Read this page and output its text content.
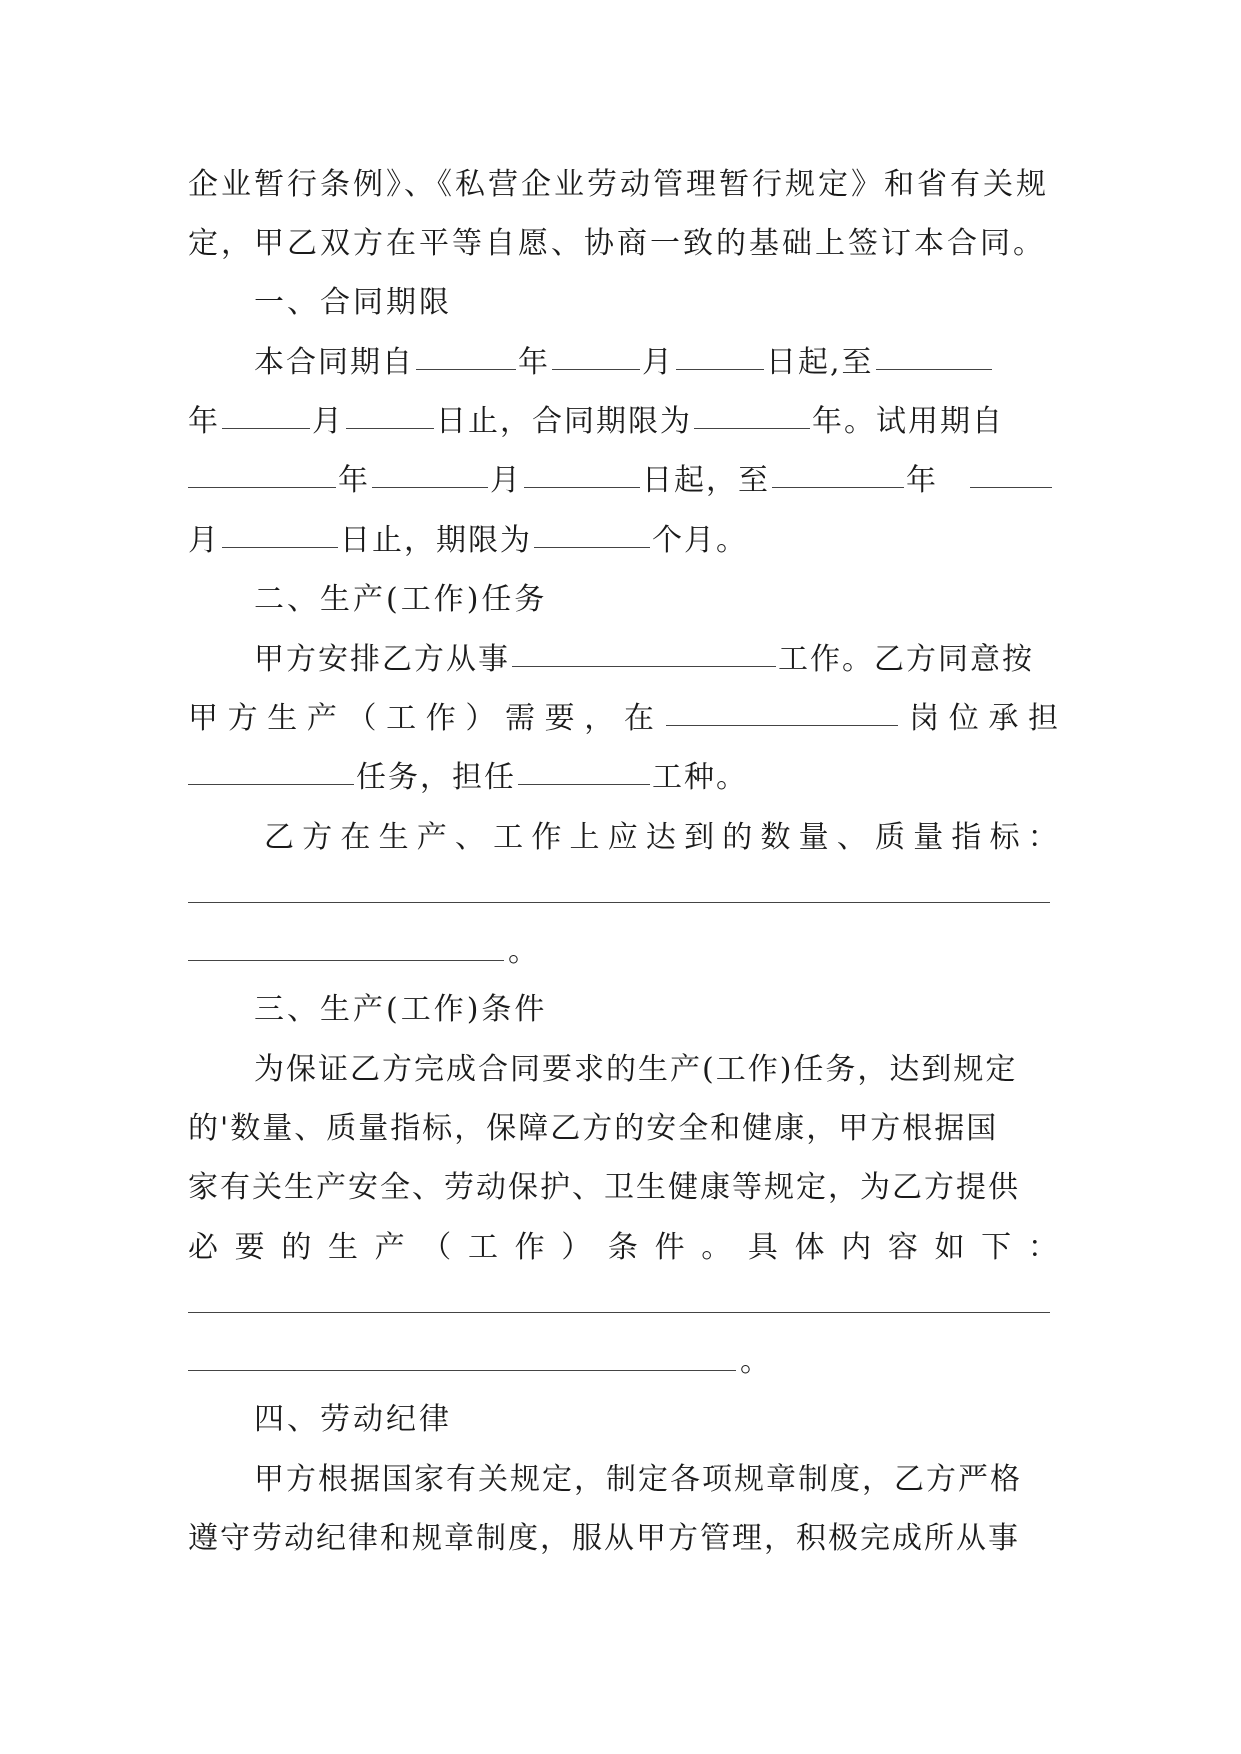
企业暂行条例》、《私营企业劳动管理暂行规定》和省有关规
定，甲乙双方在平等自愿、协商一致的基础上签订本合同。
一、合同期限
本合同期自	年	月	日起,至
年	月	日止，合同期限为	年。试用期自
年	月	日起，至	年
月	日止，期限为	个月。
二、生产(工作)任务
甲方安排乙方从事	工作。乙方同意按
甲 方 生 产 （ 工 作 ） 需 要 ， 在	岗 位 承 担
任务，担任	工种。
乙 方 在 生 产 、 工 作 上 应 达 到 的 数 量 、 质 量 指 标 ：
。
三、生产(工作)条件
为保证乙方完成合同要求的生产(工作)任务，达到规定
的'数量、质量指标，保障乙方的安全和健康，甲方根据国
家有关生产安全、劳动保护、卫生健康等规定，为乙方提供
必 要 的 生 产 （ 工 作 ） 条 件 。 具 体 内 容 如 下 ：
。
四、劳动纪律
甲方根据国家有关规定，制定各项规章制度，乙方严格
遵守劳动纪律和规章制度，服从甲方管理，积极完成所从事
